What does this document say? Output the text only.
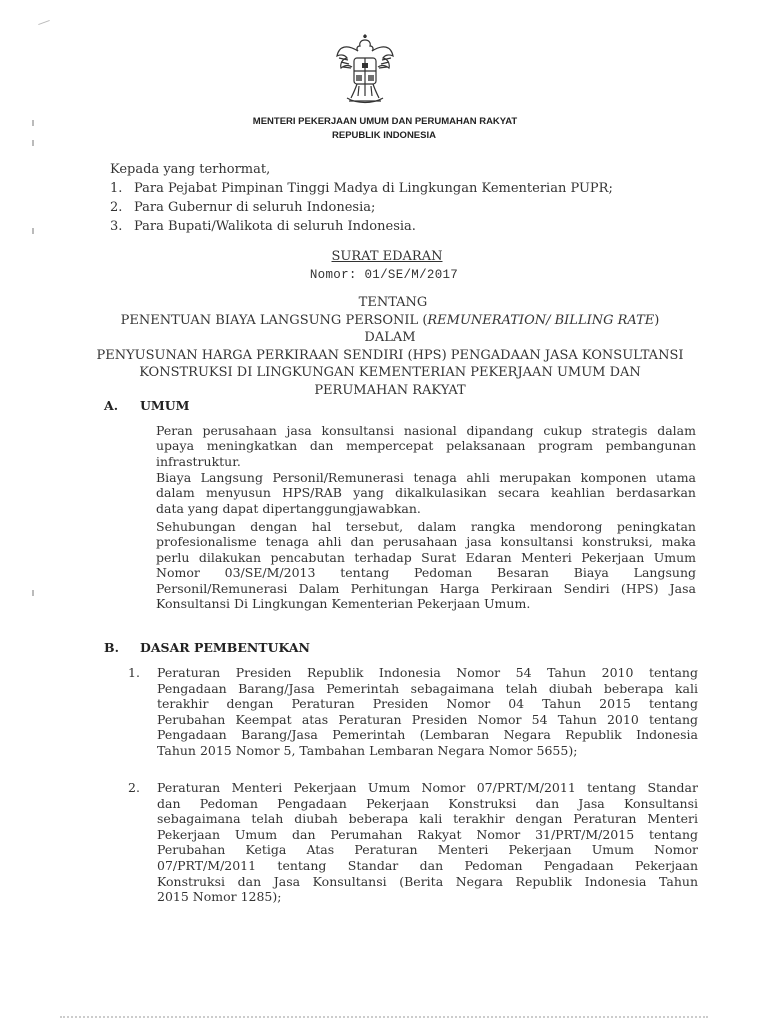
MENTERI PEKERJAAN UMUM DAN PERUMAHAN RAKYAT
REPUBLIK INDONESIA
Kepada yang terhormat,
1. Para Pejabat Pimpinan Tinggi Madya di Lingkungan Kementerian PUPR;
2. Para Gubernur di seluruh Indonesia;
3. Para Bupati/Walikota di seluruh Indonesia.
SURAT EDARAN
Nomor: 01/SE/M/2017
TENTANG
PENENTUAN BIAYA LANGSUNG PERSONIL (REMUNERATION/ BILLING RATE) DALAM
PENYUSUNAN HARGA PERKIRAAN SENDIRI (HPS) PENGADAAN JASA KONSULTANSI
KONSTRUKSI DI LINGKUNGAN KEMENTERIAN PEKERJAAN UMUM DAN
PERUMAHAN RAKYAT
A.	UMUM
Peran perusahaan jasa konsultansi nasional dipandang cukup strategis dalam
upaya meningkatkan dan mempercepat pelaksanaan program pembangunan
infrastruktur.
Biaya Langsung Personil/Remunerasi tenaga ahli merupakan komponen utama
dalam menyusun HPS/RAB yang dikalkulasikan secara keahlian berdasarkan
data yang dapat dipertanggungjawabkan.
Sehubungan dengan hal tersebut, dalam rangka mendorong peningkatan
profesionalisme tenaga ahli dan perusahaan jasa konsultansi konstruksi, maka
perlu dilakukan pencabutan terhadap Surat Edaran Menteri Pekerjaan Umum
Nomor 03/SE/M/2013 tentang Pedoman Besaran Biaya Langsung
Personil/Remunerasi Dalam Perhitungan Harga Perkiraan Sendiri (HPS) Jasa
Konsultansi Di Lingkungan Kementerian Pekerjaan Umum.
B.	DASAR PEMBENTUKAN
1.	Peraturan Presiden Republik Indonesia Nomor 54 Tahun 2010 tentang
Pengadaan Barang/Jasa Pemerintah sebagaimana telah diubah beberapa kali
terakhir dengan Peraturan Presiden Nomor 04 Tahun 2015 tentang
Perubahan Keempat atas Peraturan Presiden Nomor 54 Tahun 2010 tentang
Pengadaan Barang/Jasa Pemerintah (Lembaran Negara Republik Indonesia
Tahun 2015 Nomor 5, Tambahan Lembaran Negara Nomor 5655);
2.	Peraturan Menteri Pekerjaan Umum Nomor 07/PRT/M/2011 tentang Standar
dan Pedoman Pengadaan Pekerjaan Konstruksi dan Jasa Konsultansi
sebagaimana telah diubah beberapa kali terakhir dengan Peraturan Menteri
Pekerjaan Umum dan Perumahan Rakyat Nomor 31/PRT/M/2015 tentang
Perubahan Ketiga Atas Peraturan Menteri Pekerjaan Umum Nomor
07/PRT/M/2011 tentang Standar dan Pedoman Pengadaan Pekerjaan
Konstruksi dan Jasa Konsultansi (Berita Negara Republik Indonesia Tahun
2015 Nomor 1285);
